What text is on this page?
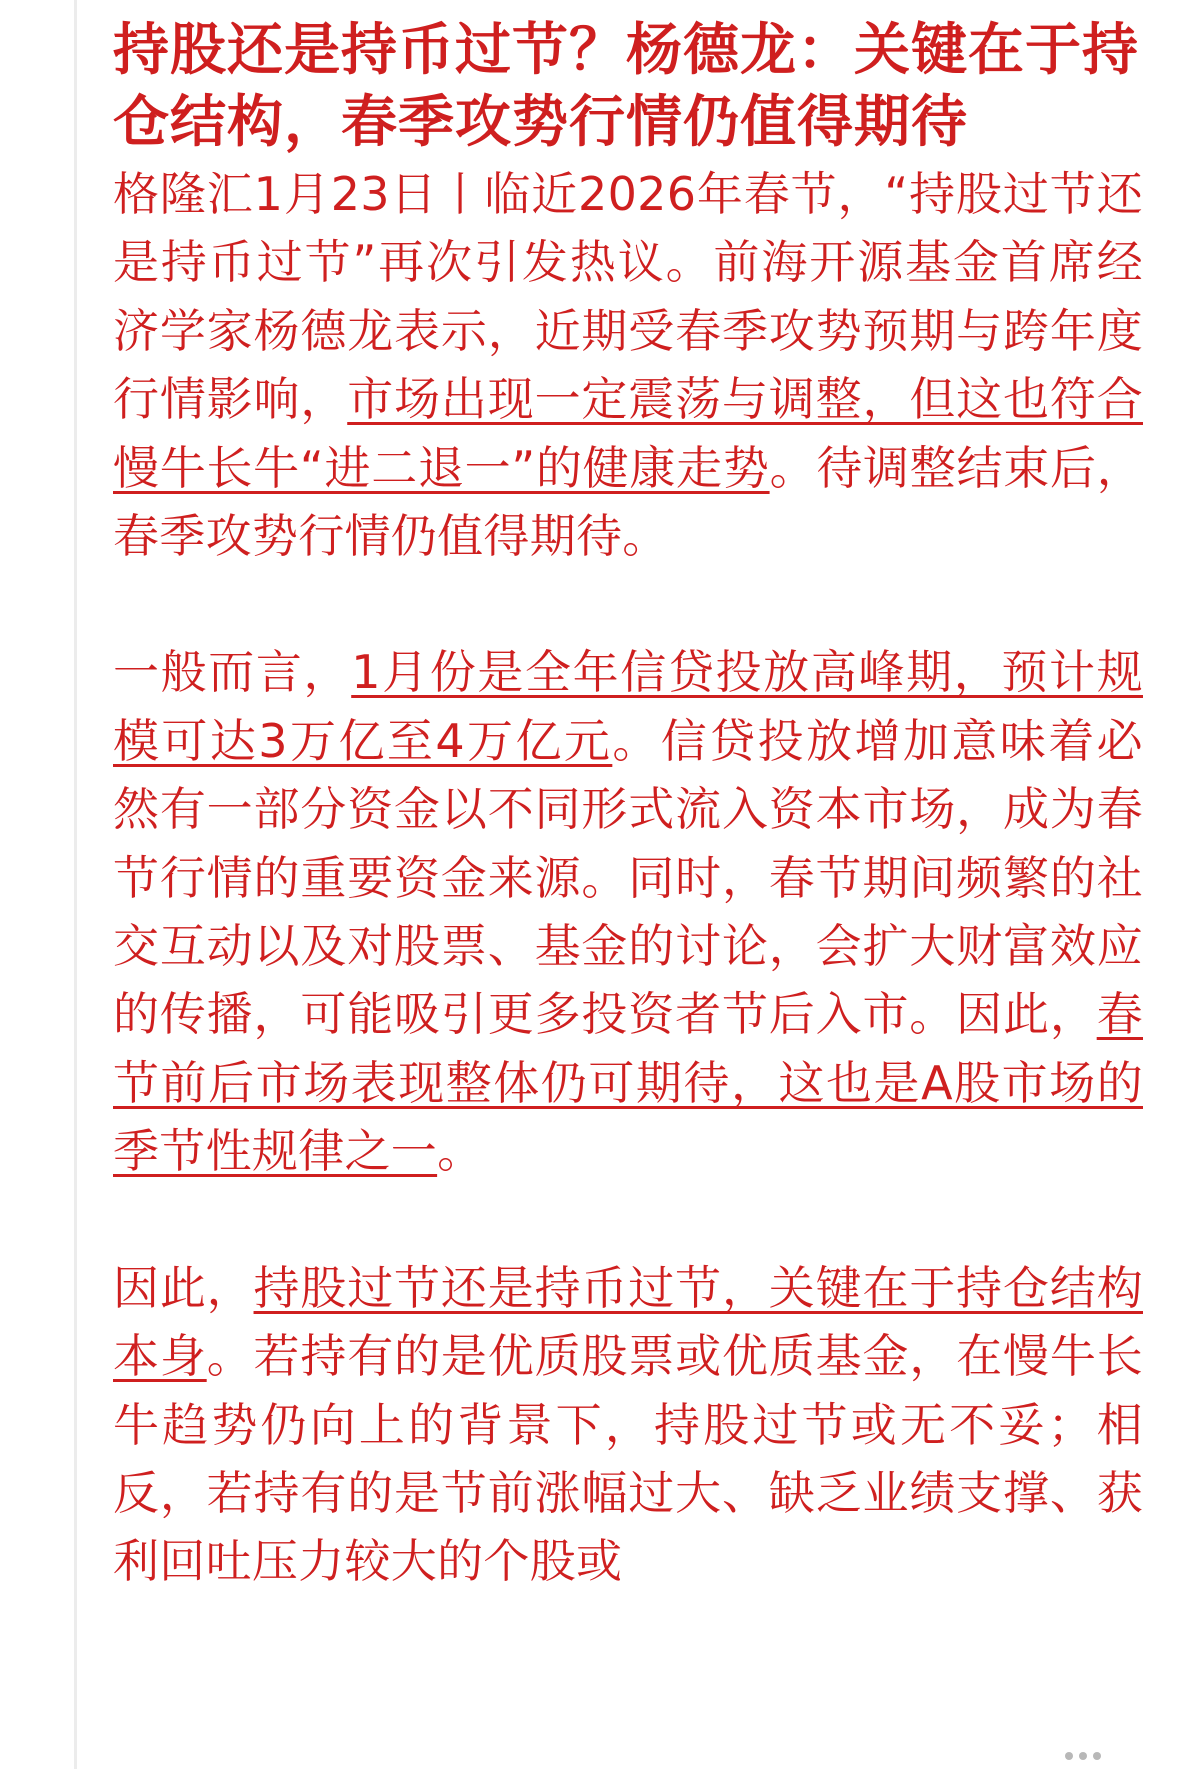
持股还是持币过节？杨德龙：关键在于持仓结构，春季攻势行情仍值得期待

格隆汇1月23日丨临近2026年春节，“持股过节还是持币过节”再次引发热议。前海开源基金首席经济学家杨德龙表示，近期受春季攻势预期与跨年度行情影响，市场出现一定震荡与调整，但这也符合慢牛长牛“进二退一”的健康走势。待调整结束后，春季攻势行情仍值得期待。

一般而言，1月份是全年信贷投放高峰期，预计规模可达3万亿至4万亿元。信贷投放增加意味着必然有一部分资金以不同形式流入资本市场，成为春节行情的重要资金来源。同时，春节期间频繁的社交互动以及对股票、基金的讨论，会扩大财富效应的传播，可能吸引更多投资者节后入市。因此，春节前后市场表现整体仍可期待，这也是A股市场的季节性规律之一。

因此，持股过节还是持币过节，关键在于持仓结构本身。若持有的是优质股票或优质基金，在慢牛长牛趋势仍向上的背景下，持股过节或无不妥；相反，若持有的是节前涨幅过大、缺乏业绩支撑、获利回吐压力较大的个股或
